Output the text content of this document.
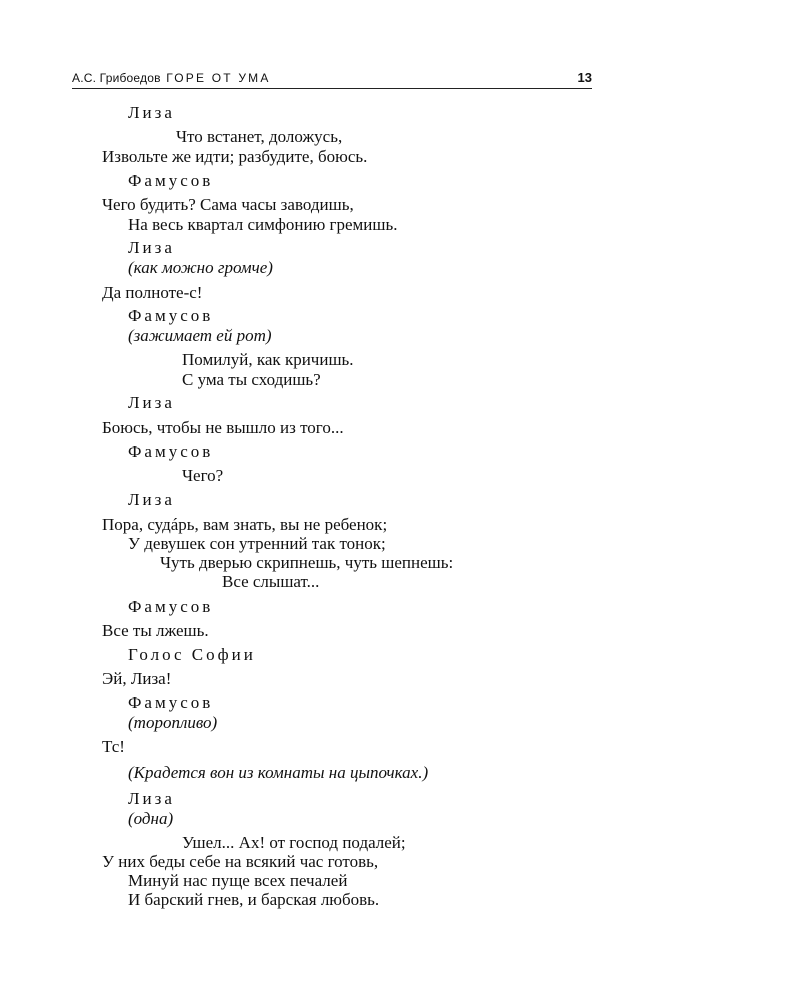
А.С. Грибоедов ГОРЕ ОТ УМА	13
Лиза
Что встанет, доложусь,
Извольте же идти; разбудите, боюсь.
Фамусов
Чего будить? Сама часы заводишь,
На весь квартал симфонию гремишь.
Лиза
(как можно громче)
Да полноте-с!
Фамусов
(зажимает ей рот)
Помилуй, как кричишь.
С ума ты сходишь?
Лиза
Боюсь, чтобы не вышло из того...
Фамусов
Чего?
Лиза
Пора, судáрь, вам знать, вы не ребенок;
У девушек сон утренний так тонок;
Чуть дверью скрипнешь, чуть шепнешь:
Все слышат...
Фамусов
Все ты лжешь.
Голос Софии
Эй, Лиза!
Фамусов
(торопливо)
Тс!
(Крадется вон из комнаты на цыпочках.)
Лиза
(одна)
Ушел... Ах! от господ подалей;
У них беды себе на всякий час готовь,
Минуй нас пуще всех печалей
И барский гнев, и барская любовь.
